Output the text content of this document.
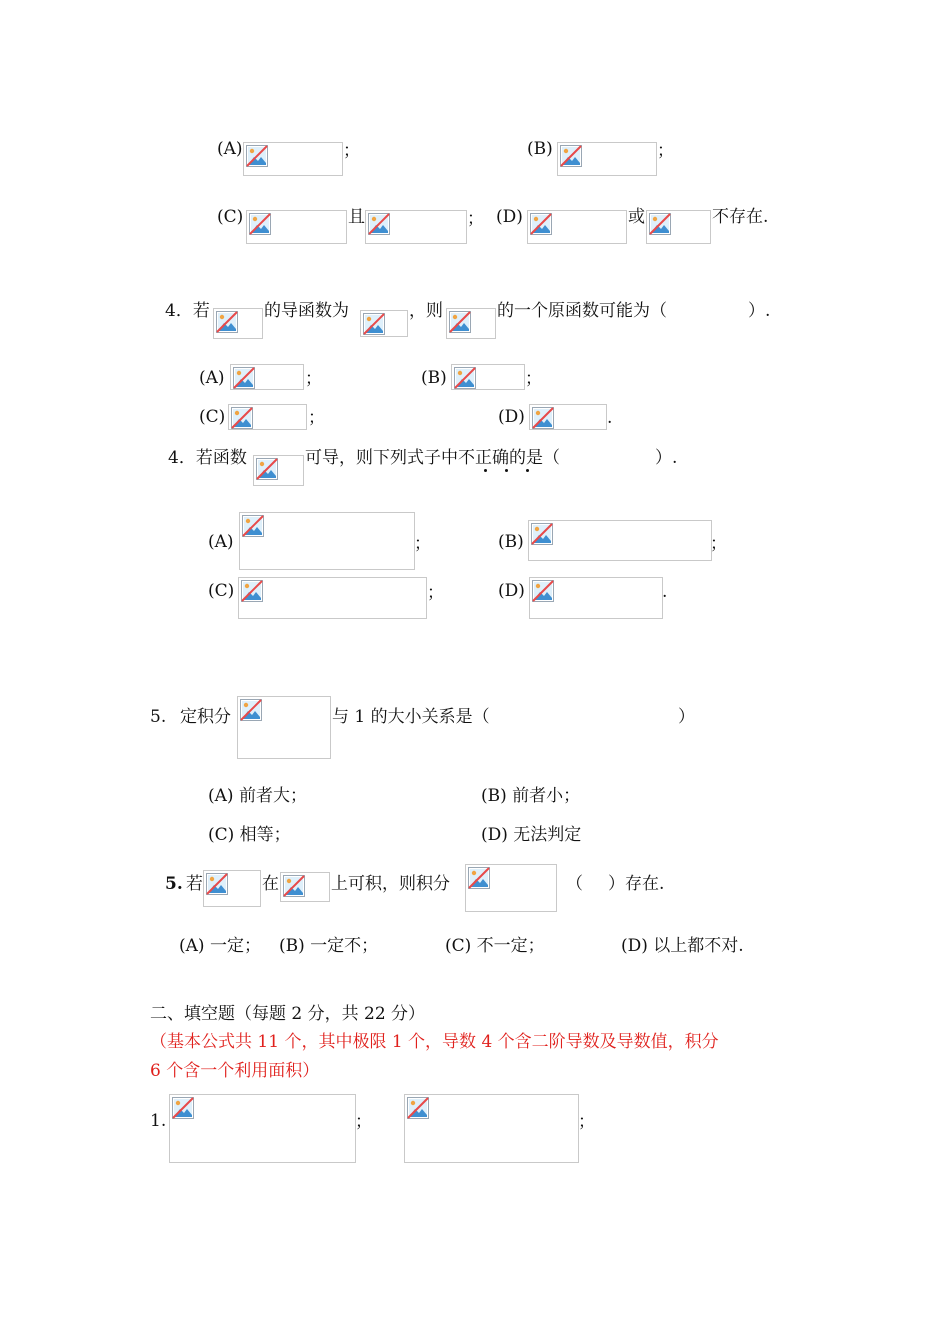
(A)	；	(B)	；
(C)	且	； (D)	或	不存在.
4．若	的导函数为	，则	的一个原函数可能为（	）.
(A)	；	(B)	；
(C)	；	(D)	.
4．若函数	可导，则下列式子中不正确的是（	）.
(A)	；	(B)	；
(C)	；	(D)	.
5. 定积分	与 1 的大小关系是（	）
(A) 前者大；	(B) 前者小；
(C) 相等；	(D) 无法判定
5. 若	在	上可积，则积分	（ ）存在.
(A) 一定； (B) 一定不；	(C) 不一定；	(D) 以上都不对.
二、填空题（每题 2 分，共 22 分）
（基本公式共 11 个，其中极限 1 个，导数 4 个含二阶导数及导数值，积分
6 个含一个利用面积）
1.	；	；
